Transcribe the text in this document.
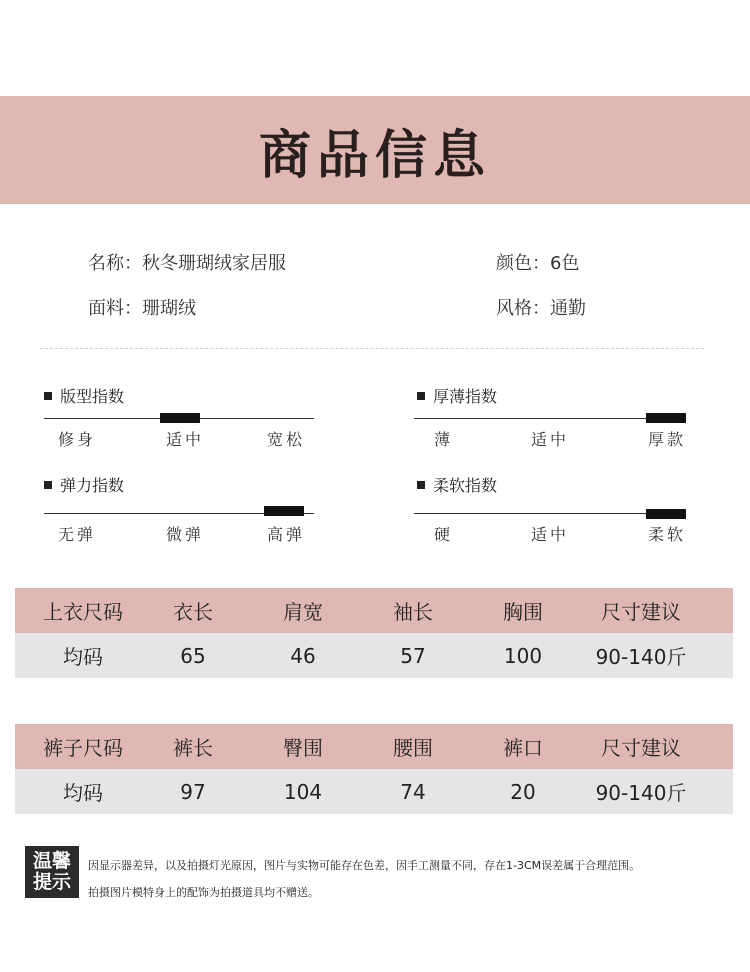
商品信息
名称：秋冬珊瑚绒家居服	颜色：6色
面料：珊瑚绒	风格：通勤
版型指数
修身	适中	宽松
厚薄指数
薄	适中	厚款
弹力指数
无弹	微弹	高弹
柔软指数
硬	适中	柔软
上衣尺码	衣长	肩宽	袖长	胸围	尺寸建议
均码	65	46	57	100	90-140斤
裤子尺码	裤长	臀围	腰围	裤口	尺寸建议
均码	97	104	74	20	90-140斤
温馨
提示
因显示器差异，以及拍摄灯光原因，图片与实物可能存在色差，因手工测量不同，存在1-3CM误差属于合理范围。
拍摄图片模特身上的配饰为拍摄道具均不赠送。
